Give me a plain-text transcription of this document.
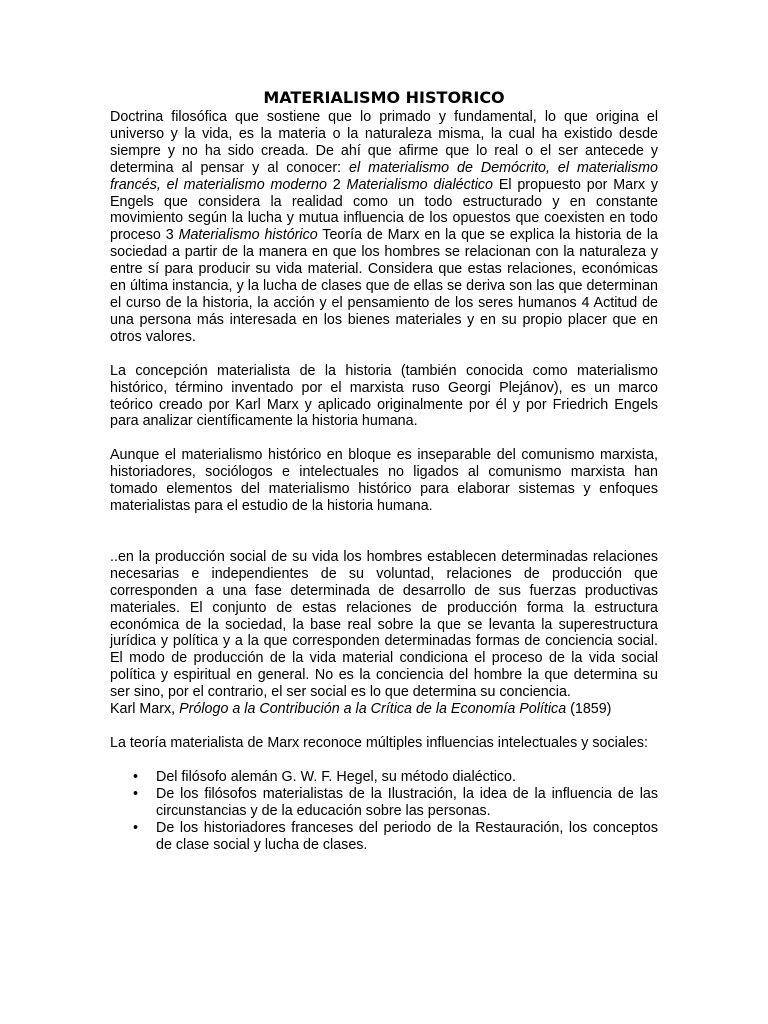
MATERIALISMO HISTORICO

Doctrina filosófica que sostiene que lo primado y fundamental, lo que origina el universo y la vida, es la materia o la naturaleza misma, la cual ha existido desde siempre y no ha sido creada. De ahí que afirme que lo real o el ser antecede y determina al pensar y al conocer: el materialismo de Demócrito, el materialismo francés, el materialismo moderno 2 Materialismo dialéctico El propuesto por Marx y Engels que considera la realidad como un todo estructurado y en constante movimiento según la lucha y mutua influencia de los opuestos que coexisten en todo proceso 3 Materialismo histórico Teoría de Marx en la que se explica la historia de la sociedad a partir de la manera en que los hombres se relacionan con la naturaleza y entre sí para producir su vida material. Considera que estas relaciones, económicas en última instancia, y la lucha de clases que de ellas se deriva son las que determinan el curso de la historia, la acción y el pensamiento de los seres humanos 4 Actitud de una persona más interesada en los bienes materiales y en su propio placer que en otros valores.

La concepción materialista de la historia (también conocida como materialismo histórico, término inventado por el marxista ruso Georgi Plejánov), es un marco teórico creado por Karl Marx y aplicado originalmente por él y por Friedrich Engels para analizar científicamente la historia humana.

Aunque el materialismo histórico en bloque es inseparable del comunismo marxista, historiadores, sociólogos e intelectuales no ligados al comunismo marxista han tomado elementos del materialismo histórico para elaborar sistemas y enfoques materialistas para el estudio de la historia humana.

..en la producción social de su vida los hombres establecen determinadas relaciones necesarias e independientes de su voluntad, relaciones de producción que corresponden a una fase determinada de desarrollo de sus fuerzas productivas materiales. El conjunto de estas relaciones de producción forma la estructura económica de la sociedad, la base real sobre la que se levanta la superestructura jurídica y política y a la que corresponden determinadas formas de conciencia social. El modo de producción de la vida material condiciona el proceso de la vida social política y espiritual en general. No es la conciencia del hombre la que determina su ser sino, por el contrario, el ser social es lo que determina su conciencia.

Karl Marx, Prólogo a la Contribución a la Crítica de la Economía Política (1859)

La teoría materialista de Marx reconoce múltiples influencias intelectuales y sociales:

• Del filósofo alemán G. W. F. Hegel, su método dialéctico.
• De los filósofos materialistas de la Ilustración, la idea de la influencia de las circunstancias y de la educación sobre las personas.
• De los historiadores franceses del periodo de la Restauración, los conceptos de clase social y lucha de clases.
